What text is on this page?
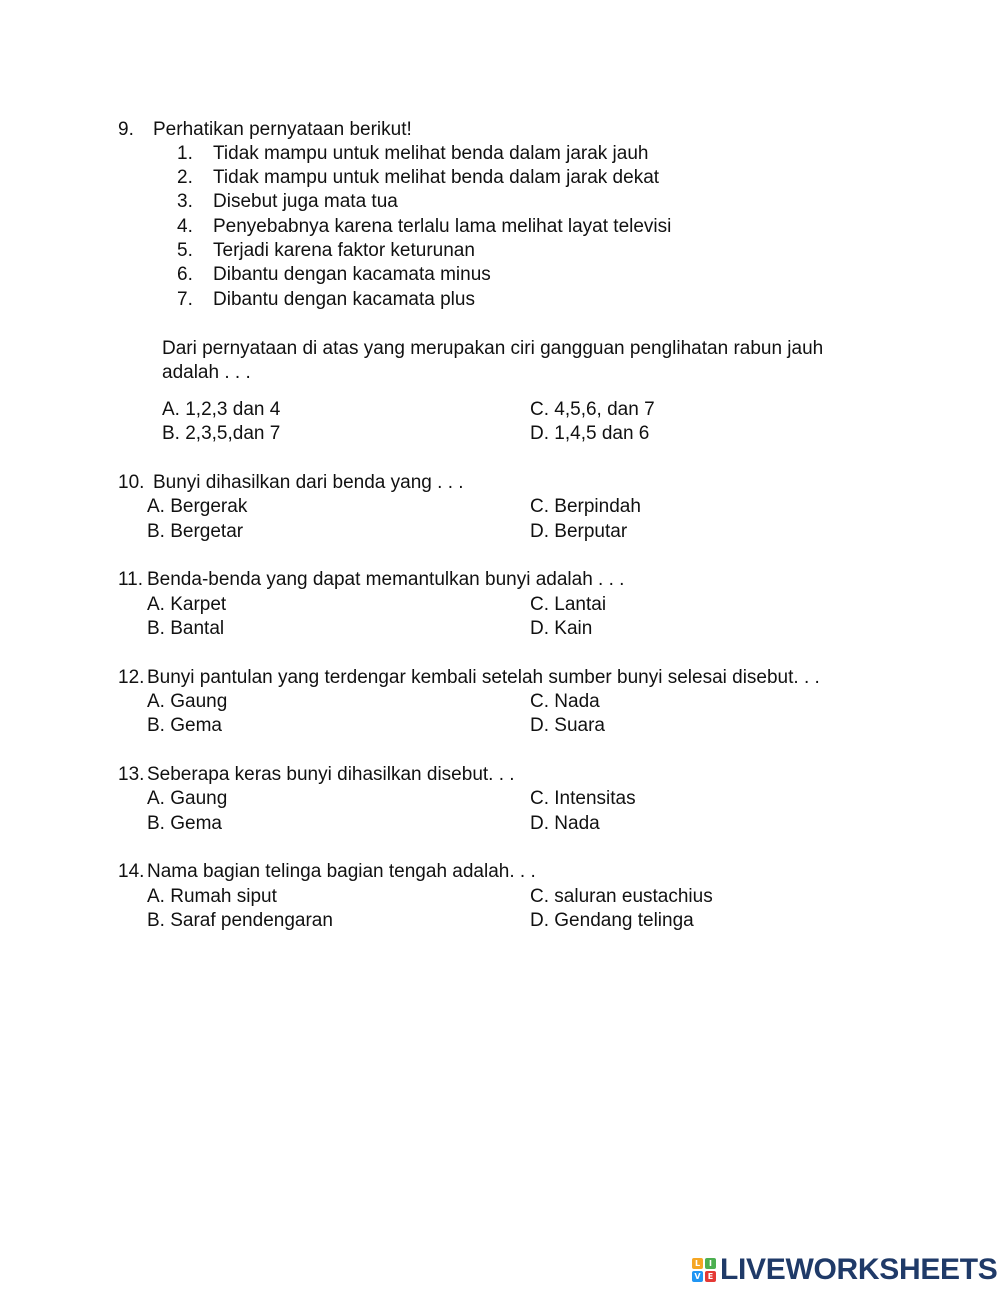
9. Perhatikan pernyataan berikut!
1. Tidak mampu untuk melihat benda dalam jarak jauh
2. Tidak mampu untuk melihat benda dalam jarak dekat
3. Disebut juga mata tua
4. Penyebabnya karena terlalu lama melihat layat televisi
5. Terjadi karena faktor keturunan
6. Dibantu dengan kacamata minus
7. Dibantu dengan kacamata plus
Dari pernyataan di atas yang merupakan ciri gangguan penglihatan rabun jauh
adalah . . .
A. 1,2,3 dan 4	C. 4,5,6, dan 7
B. 2,3,5,dan 7	D. 1,4,5 dan 6
10. Bunyi dihasilkan dari benda yang . . .
A. Bergerak	C. Berpindah
B. Bergetar	D. Berputar
11. Benda-benda yang dapat memantulkan bunyi adalah . . .
A. Karpet	C. Lantai
B. Bantal	D. Kain
12. Bunyi pantulan yang terdengar kembali setelah sumber bunyi selesai disebut. . .
A. Gaung	C. Nada
B. Gema	D. Suara
13. Seberapa keras bunyi dihasilkan disebut. . .
A. Gaung	C. Intensitas
B. Gema	D. Nada
14. Nama bagian telinga bagian tengah adalah. . .
A. Rumah siput	C. saluran eustachius
B. Saraf pendengaran	D. Gendang telinga
L	I
V E LIVEWORKSHEETS
